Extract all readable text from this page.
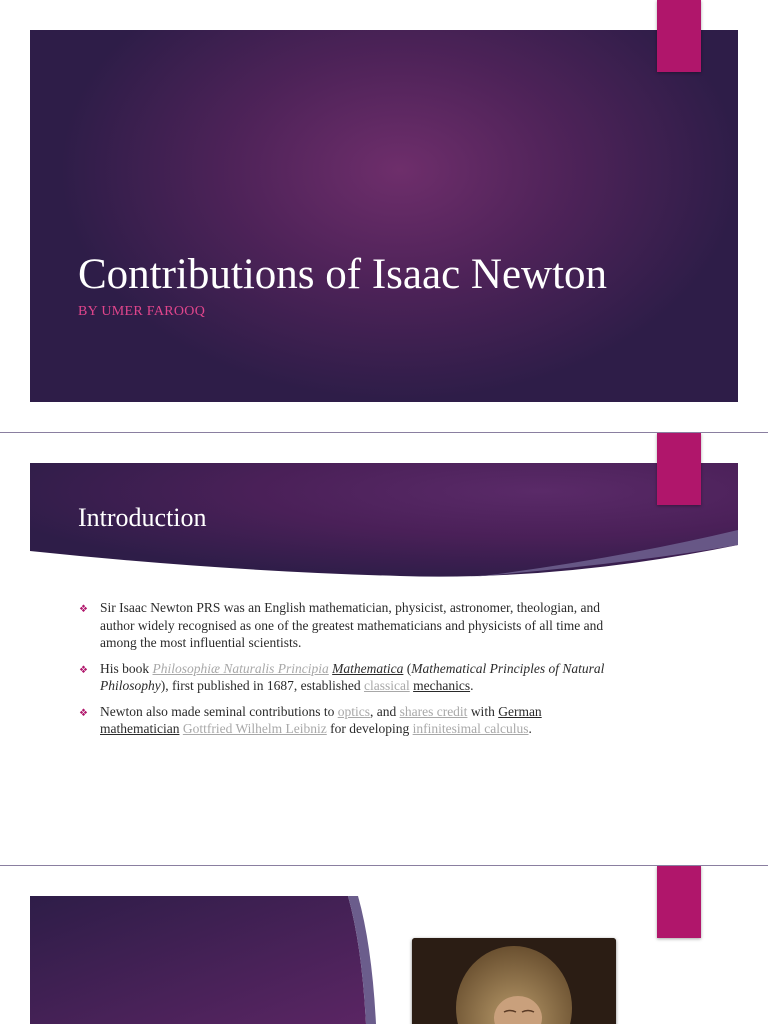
Contributions of Isaac Newton

BY UMER FAROOQ

Introduction
❖ Sir Isaac Newton PRS was an English mathematician, physicist, astronomer, theologian, and author widely recognised as one of the greatest mathematicians and physicists of all time and among the most influential scientists.
❖ His book Philosophiæ Naturalis Principia Mathematica (Mathematical Principles of Natural Philosophy), first published in 1687, established classical mechanics.
❖ Newton also made seminal contributions to optics, and shares credit with German mathematician Gottfried Wilhelm Leibniz for developing infinitesimal calculus.
